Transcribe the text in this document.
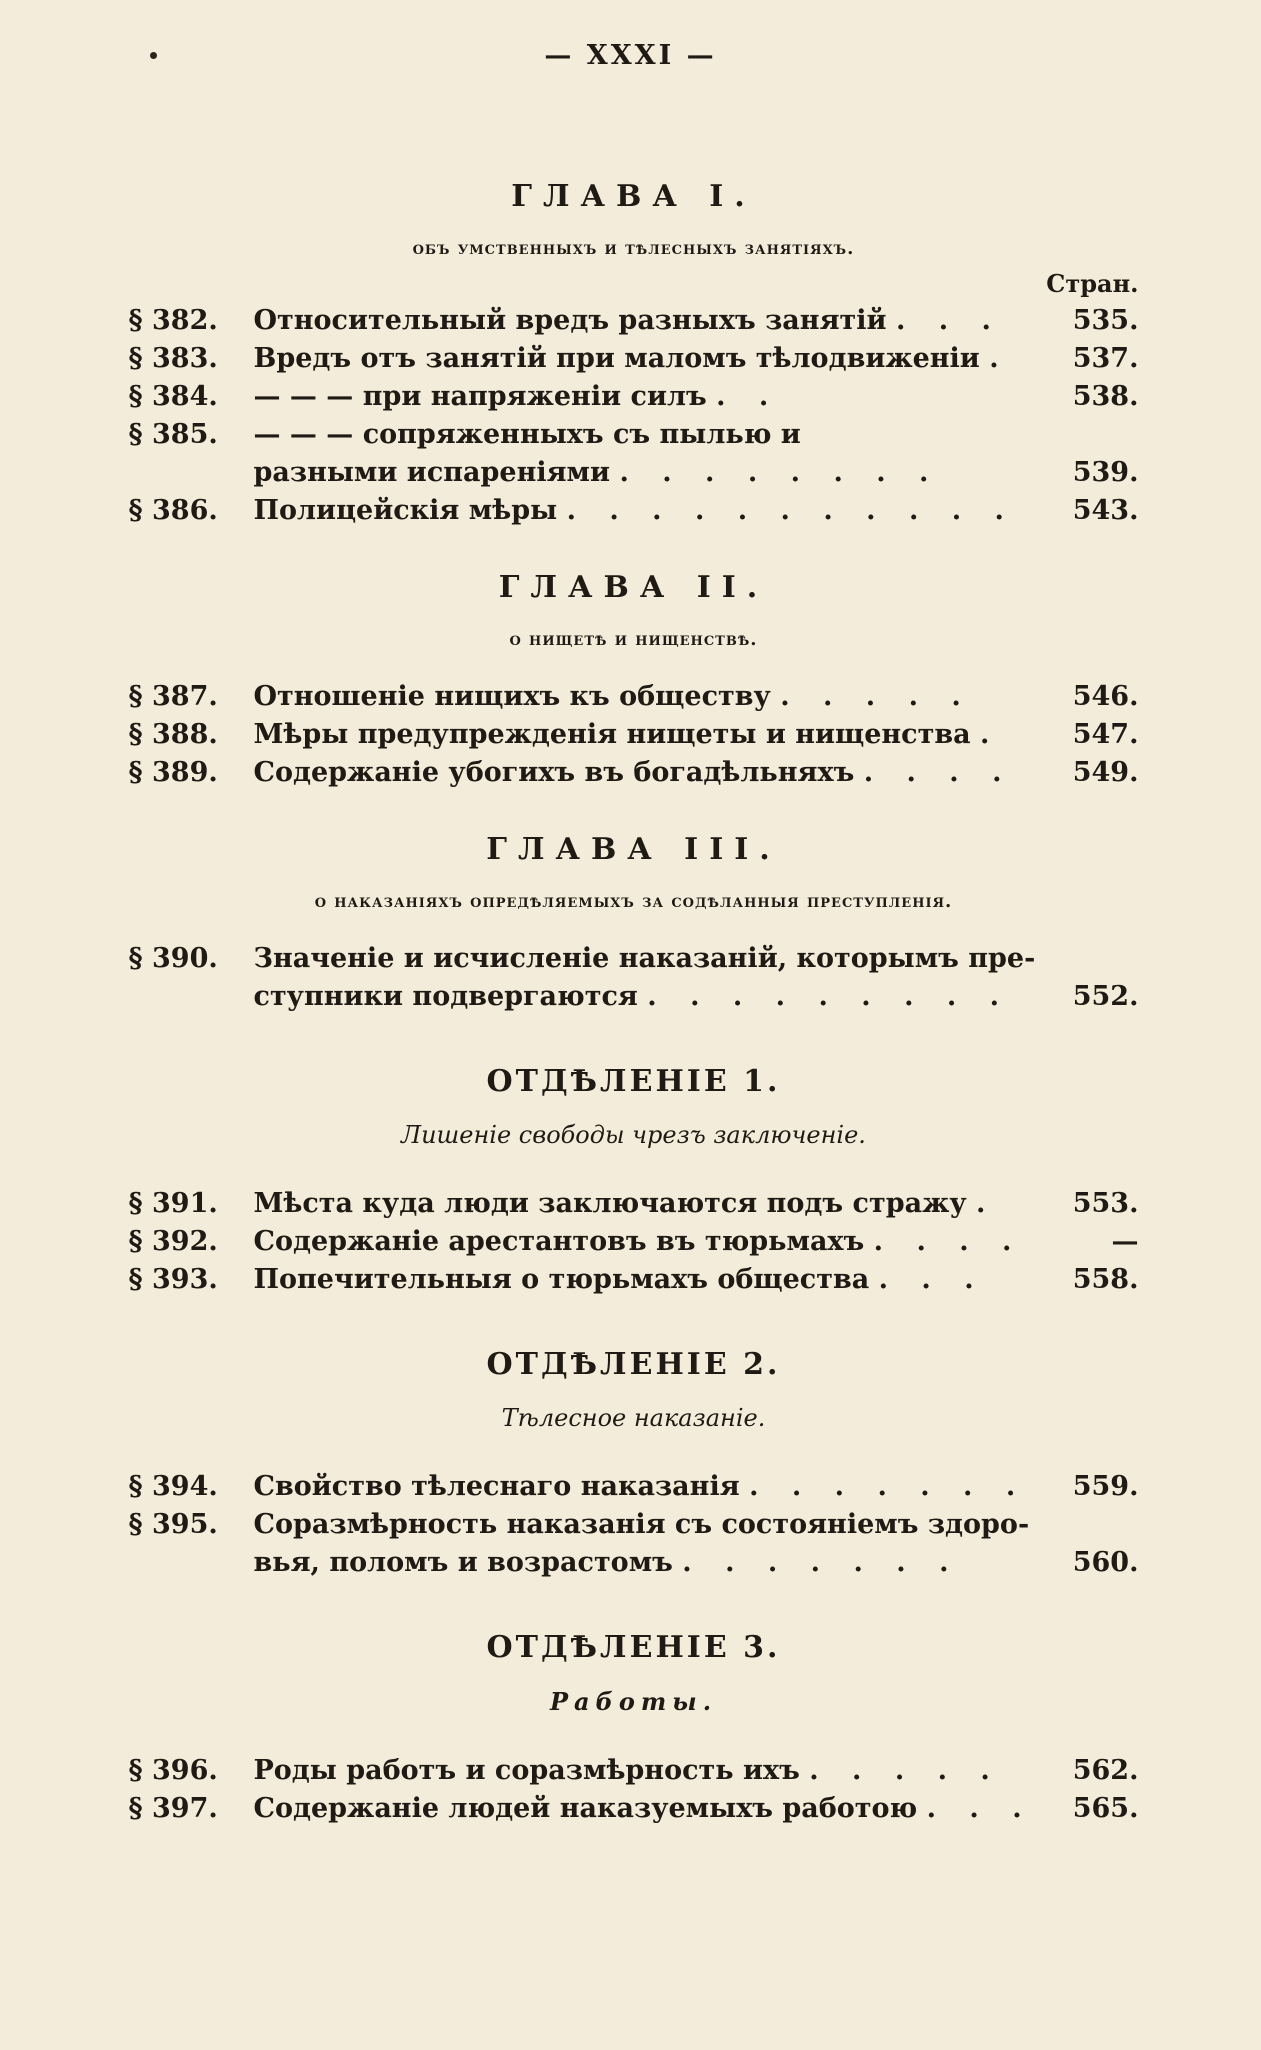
— XXXI —
ГЛАВА I.
объ умственныхъ и тѣлесныхъ занятіяхъ.
Стран.
§ 382.	Относительный вредъ разныхъ занятій . . .	535.
§ 383.	Вредъ отъ занятій при маломъ тѣлодвиженіи .	537.
§ 384.	— — — при напряженіи силъ . .	538.
§ 385.	— — — сопряженныхъ съ пылью и
разными испареніями . . . . . . . .	539.
§ 386.	Полицейскія мѣры . . . . . . . . . . .	543.
ГЛАВА II.
о нищетѣ и нищенствѣ.
§ 387.	Отношеніе нищихъ къ обществу . . . . .	546.
§ 388.	Мѣры предупрежденія нищеты и нищенства .	547.
§ 389.	Содержаніе убогихъ въ богадѣльняхъ . . . .	549.
ГЛАВА III.
о наказаніяхъ опредѣляемыхъ за содѣланныя преступленія.
§ 390.	Значеніе и исчисленіе наказаній, которымъ пре-
ступники подвергаются . . . . . . . . .	552.
ОТДѢЛЕНІЕ 1.
Лишеніе свободы чрезъ заключеніе.
§ 391.	Мѣста куда люди заключаются подъ стражу .	553.
§ 392.	Содержаніе арестантовъ въ тюрьмахъ . . . .	—
§ 393.	Попечительныя о тюрьмахъ общества . . .	558.
ОТДѢЛЕНІЕ 2.
Тѣлесное наказаніе.
§ 394.	Свойство тѣлеснаго наказанія . . . . . . .	559.
§ 395.	Соразмѣрность наказанія съ состояніемъ здоро-
вья, поломъ и возрастомъ . . . . . . .	560.
ОТДѢЛЕНІЕ 3.
Работы.
§ 396.	Роды работъ и соразмѣрность ихъ . . . . .	562.
§ 397.	Содержаніе людей наказуемыхъ работою . . .	565.
